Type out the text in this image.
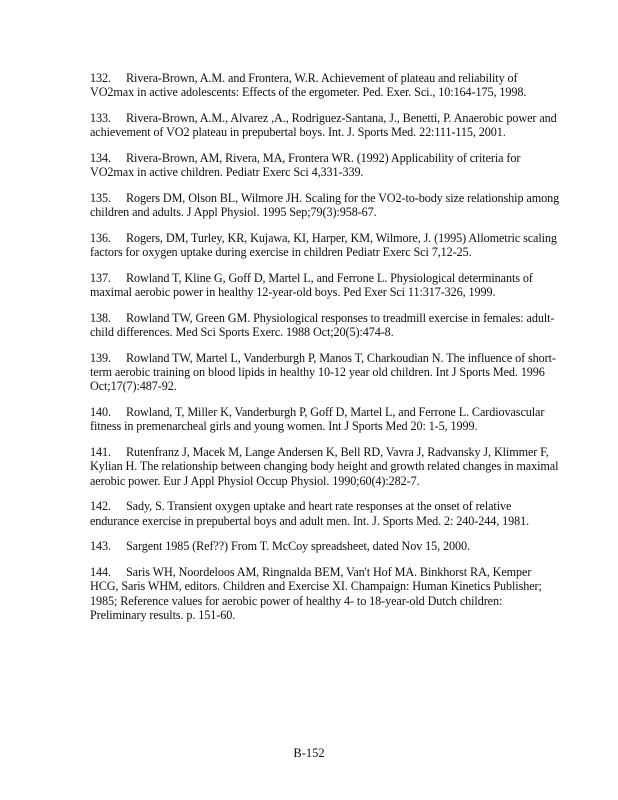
132. Rivera-Brown, A.M. and Frontera, W.R. Achievement of plateau and reliability of VO2max in active adolescents: Effects of the ergometer. Ped. Exer. Sci., 10:164-175, 1998.

133. Rivera-Brown, A.M., Alvarez ,A., Rodriguez-Santana, J., Benetti, P. Anaerobic power and achievement of VO2 plateau in prepubertal boys. Int. J. Sports Med. 22:111-115, 2001.

134. Rivera-Brown, AM, Rivera, MA, Frontera WR. (1992) Applicability of criteria for VO2max in active children. Pediatr Exerc Sci 4,331-339.

135. Rogers DM, Olson BL, Wilmore JH. Scaling for the VO2-to-body size relationship among children and adults. J Appl Physiol. 1995 Sep;79(3):958-67.

136. Rogers, DM, Turley, KR, Kujawa, KI, Harper, KM, Wilmore, J. (1995) Allometric scaling factors for oxygen uptake during exercise in children Pediatr Exerc Sci 7,12-25.

137. Rowland T, Kline G, Goff D, Martel L, and Ferrone L. Physiological determinants of maximal aerobic power in healthy 12-year-old boys. Ped Exer Sci 11:317-326, 1999.

138. Rowland TW, Green GM. Physiological responses to treadmill exercise in females: adult-child differences. Med Sci Sports Exerc. 1988 Oct;20(5):474-8.

139. Rowland TW, Martel L, Vanderburgh P, Manos T, Charkoudian N. The influence of short-term aerobic training on blood lipids in healthy 10-12 year old children. Int J Sports Med. 1996 Oct;17(7):487-92.

140. Rowland, T, Miller K, Vanderburgh P, Goff D, Martel L, and Ferrone L. Cardiovascular fitness in premenarcheal girls and young women. Int J Sports Med 20: 1-5, 1999.

141. Rutenfranz J, Macek M, Lange Andersen K, Bell RD, Vavra J, Radvansky J, Klimmer F, Kylian H. The relationship between changing body height and growth related changes in maximal aerobic power. Eur J Appl Physiol Occup Physiol. 1990;60(4):282-7.

142. Sady, S. Transient oxygen uptake and heart rate responses at the onset of relative endurance exercise in prepubertal boys and adult men. Int. J. Sports Med. 2: 240-244, 1981.

143. Sargent 1985 (Ref??) From T. McCoy spreadsheet, dated Nov 15, 2000.

144. Saris WH, Noordeloos AM, Ringnalda BEM, Van't Hof MA. Binkhorst RA, Kemper HCG, Saris WHM, editors. Children and Exercise XI. Champaign: Human Kinetics Publisher; 1985; Reference values for aerobic power of healthy 4- to 18-year-old Dutch children: Preliminary results. p. 151-60.

B-152
